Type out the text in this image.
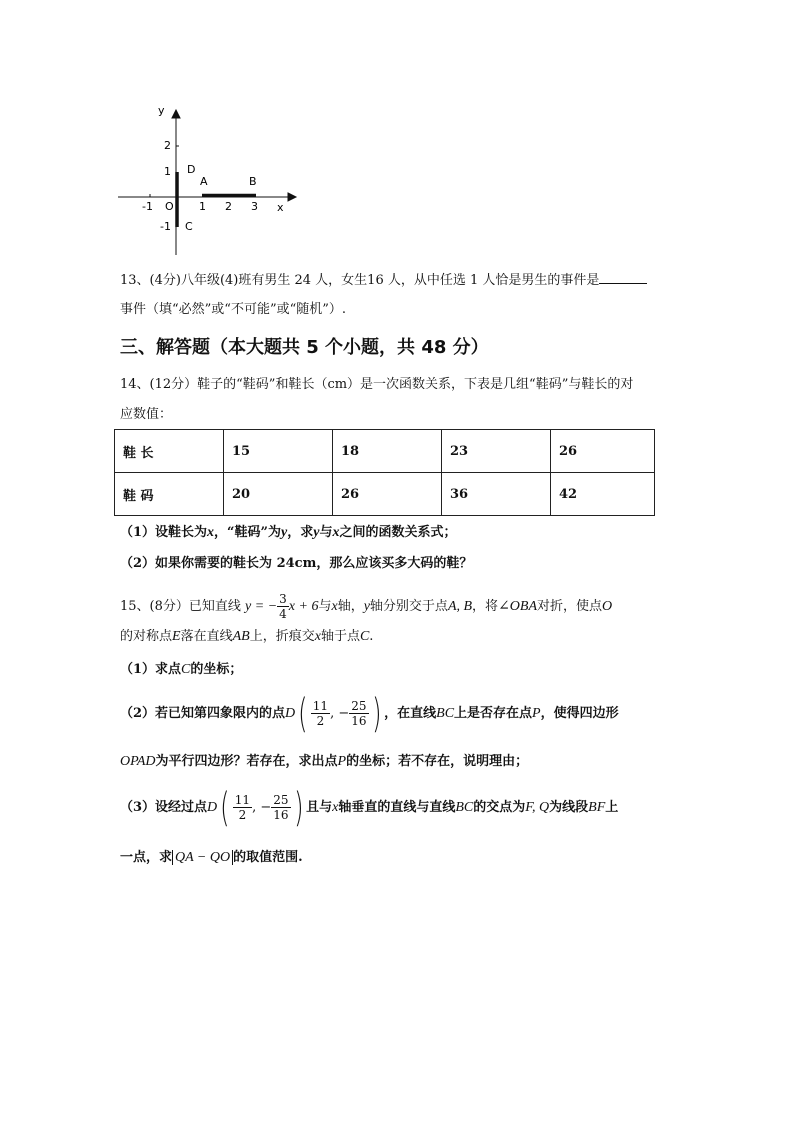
y
2
1
-1
-1 O 1 2 3 x
D
A	B
C
13、(4分)八年级(4)班有男生 24 人，女生16 人，从中任选 1 人恰是男生的事件是
事件（填“必然”或“不可能”或“随机”）.
三、解答题（本大题共 5 个小题，共 48 分）
14、(12分）鞋子的“鞋码”和鞋长（cm）是一次函数关系，下表是几组“鞋码”与鞋长的对
应数值：
鞋 长	15	18	23	26
鞋 码	20	26	36	42
（1）设鞋长为x，“鞋码”为y，求y与x之间的函数关系式；
（2）如果你需要的鞋长为 24cm，那么应该买多大码的鞋？
15、(8分）已知直线 y = − $\frac{3}{4}$ x + 6与x轴，y轴分别交于点A, B，将∠OBA对折，使点O
的对称点E落在直线AB上，折痕交x轴于点C.
（1）求点C的坐标；
（2）若已知第四象限内的点$D( \frac{11}{2}$ , − $\frac{25}{16}$ ) ，在直线BC上是否存在点P，使得四边形
OPAD为平行四边形？若存在，求出点P的坐标；若不存在，说明理由；
（3）设经过点$D( \frac{11}{2}$ , − $\frac{25}{16}$ ) 且与x轴垂直的直线与直线BC的交点为F, Q为线段BF上
一点，求 QA − QO 的取值范围.
